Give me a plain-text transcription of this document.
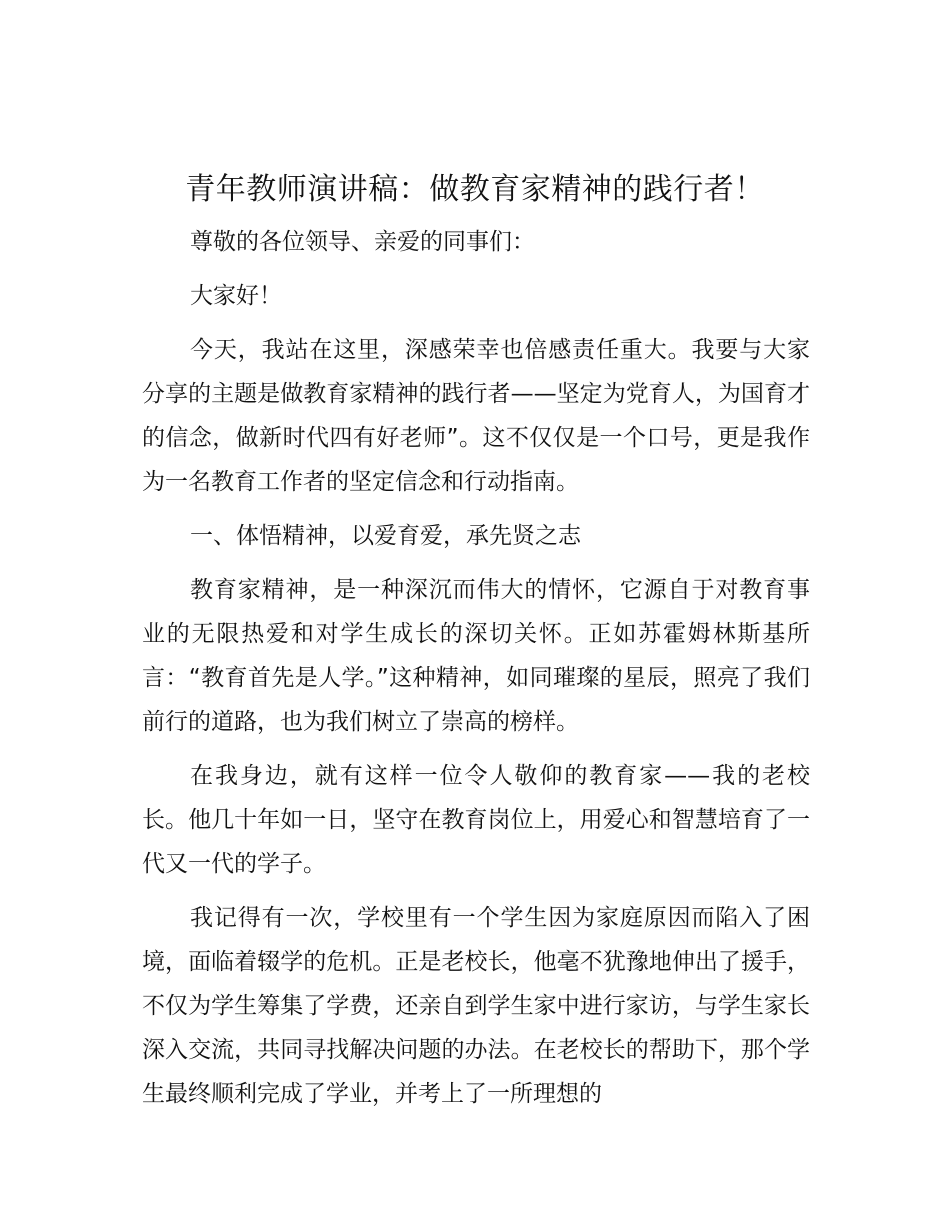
青年教师演讲稿：做教育家精神的践行者！

尊敬的各位领导、亲爱的同事们：

大家好！

今天，我站在这里，深感荣幸也倍感责任重大。我要与大家分享的主题是做教育家精神的践行者——坚定为党育人，为国育才的信念，做新时代四有好老师”。这不仅仅是一个口号，更是我作为一名教育工作者的坚定信念和行动指南。

一、体悟精神，以爱育爱，承先贤之志

教育家精神，是一种深沉而伟大的情怀，它源自于对教育事业的无限热爱和对学生成长的深切关怀。正如苏霍姆林斯基所言：“教育首先是人学。”这种精神，如同璀璨的星辰，照亮了我们前行的道路，也为我们树立了崇高的榜样。

在我身边，就有这样一位令人敬仰的教育家——我的老校长。他几十年如一日，坚守在教育岗位上，用爱心和智慧培育了一代又一代的学子。

我记得有一次，学校里有一个学生因为家庭原因而陷入了困境，面临着辍学的危机。正是老校长，他毫不犹豫地伸出了援手，不仅为学生筹集了学费，还亲自到学生家中进行家访，与学生家长深入交流，共同寻找解决问题的办法。在老校长的帮助下，那个学生最终顺利完成了学业，并考上了一所理想的
